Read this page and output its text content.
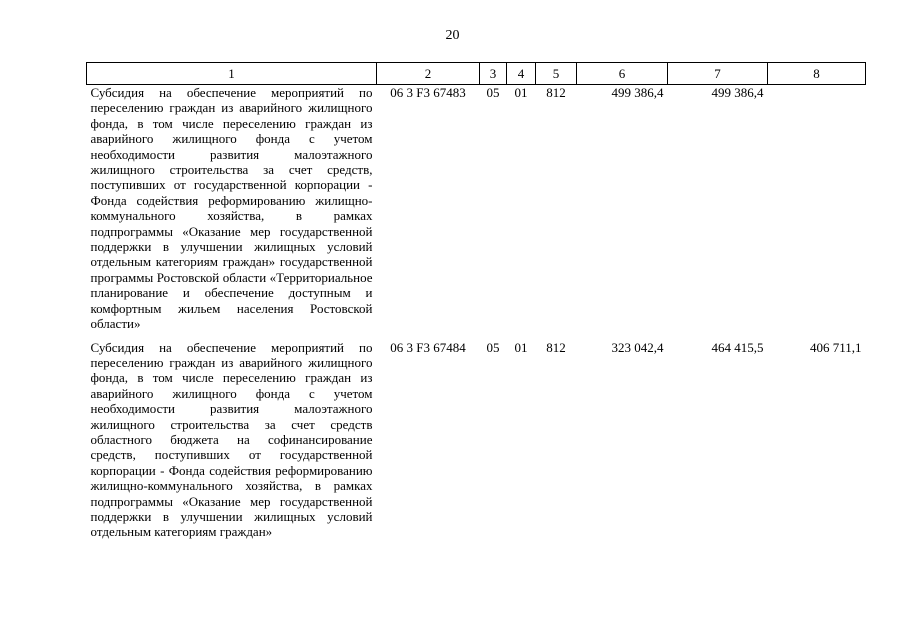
20
1	2	3	4	5	6	7	8
Субсидия на обеспечение мероприятий по переселению граждан из аварийного жилищного фонда, в том числе переселению граждан из аварийного жилищного фонда с учетом необходимости развития малоэтажного жилищного строительства за счет средств, поступивших от государственной корпорации - Фонда содействия реформированию жилищно-коммунального хозяйства, в рамках подпрограммы «Оказание мер государственной поддержки в улучшении жилищных условий отдельным категориям граждан» государственной программы Ростовской области «Территориальное планирование и обеспечение доступным и комфортным жильем населения Ростовской области»	06 3 F3 67483	05	01	812	499 386,4	499 386,4	
Субсидия на обеспечение мероприятий по переселению граждан из аварийного жилищного фонда, в том числе переселению граждан из аварийного жилищного фонда с учетом необходимости развития малоэтажного жилищного строительства за счет средств областного бюджета на софинансирование средств, поступивших от государственной корпорации - Фонда содействия реформированию жилищно-коммунального хозяйства, в рамках подпрограммы «Оказание мер государственной поддержки в улучшении жилищных условий отдельным категориям граждан»	06 3 F3 67484	05	01	812	323 042,4	464 415,5	406 711,1
